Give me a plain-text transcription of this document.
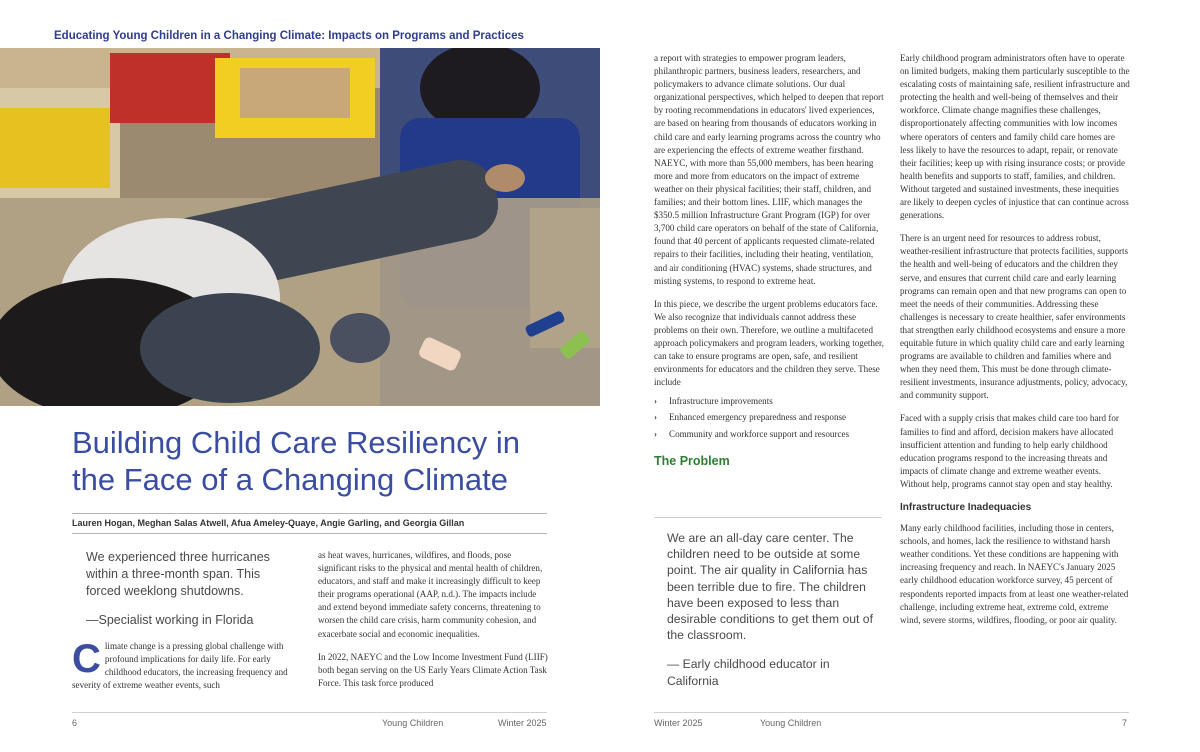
Educating Young Children in a Changing Climate: Impacts on Programs and Practices
Building Child Care Resiliency in the Face of a Changing Climate
Lauren Hogan, Meghan Salas Atwell, Afua Ameley-Quaye, Angie Garling, and Georgia Gillan

We experienced three hurricanes within a three-month span. This forced weeklong shutdowns.

—Specialist working in Florida

Climate change is a pressing global challenge with profound implications for daily life. For early childhood educators, the increasing frequency and severity of extreme weather events, such

as heat waves, hurricanes, wildfires, and floods, pose significant risks to the physical and mental health of children, educators, and staff and make it increasingly difficult to keep their programs operational (AAP, n.d.). The impacts include and extend beyond immediate safety concerns, threatening to worsen the child care crisis, harm community cohesion, and exacerbate social and economic inequalities.

In 2022, NAEYC and the Low Income Investment Fund (LIIF) both began serving on the US Early Years Climate Action Task Force. This task force produced

a report with strategies to empower program leaders, philanthropic partners, business leaders, researchers, and policymakers to advance climate solutions. Our dual organizational perspectives, which helped to deepen that report by rooting recommendations in educators' lived experiences, are based on hearing from thousands of educators working in child care and early learning programs across the country who are experiencing the effects of extreme weather firsthand. NAEYC, with more than 55,000 members, has been hearing more and more from educators on the impact of extreme weather on their physical facilities; their staff, children, and families; and their bottom lines. LIIF, which manages the $350.5 million Infrastructure Grant Program (IGP) for over 3,700 child care operators on behalf of the state of California, found that 40 percent of applicants requested climate-related repairs to their facilities, including their heating, ventilation, and air conditioning (HVAC) systems, shade structures, and misting systems, to respond to extreme heat.

In this piece, we describe the urgent problems educators face. We also recognize that individuals cannot address these problems on their own. Therefore, we outline a multifaceted approach policymakers and program leaders, working together, can take to ensure programs are open, safe, and resilient environments for educators and the children they serve. These include

› Infrastructure improvements
› Enhanced emergency preparedness and response
› Community and workforce support and resources
The Problem

We are an all-day care center. The children need to be outside at some point. The air quality in California has been terrible due to fire. The children have been exposed to less than desirable conditions to get them out of the classroom.

— Early childhood educator in California

Early childhood program administrators often have to operate on limited budgets, making them particularly susceptible to the escalating costs of maintaining safe, resilient infrastructure and protecting the health and well-being of themselves and their workforce. Climate change magnifies these challenges, disproportionately affecting communities with low incomes where operators of centers and family child care homes are less likely to have the resources to adapt, repair, or renovate their facilities; keep up with rising insurance costs; or provide health benefits and supports to staff, families, and children. Without targeted and sustained investments, these inequities are likely to deepen cycles of injustice that can continue across generations.

There is an urgent need for resources to address robust, weather-resilient infrastructure that protects facilities, supports the health and well-being of educators and the children they serve, and ensures that current child care and early learning programs can remain open and that new programs can open to meet the needs of their communities. Addressing these challenges is necessary to create healthier, safer environments that strengthen early childhood ecosystems and ensure a more equitable future in which quality child care and early learning programs are available to children and families where and when they need them. This must be done through climate-resilient investments, insurance adjustments, policy, advocacy, and community support.

Faced with a supply crisis that makes child care too hard for families to find and afford, decision makers have allocated insufficient attention and funding to help early childhood education programs respond to the increasing threats and impacts of climate change and extreme weather events. Without help, programs cannot stay open and stay healthy.

Infrastructure Inadequacies

Many early childhood facilities, including those in centers, schools, and homes, lack the resilience to withstand harsh weather conditions. Yet these conditions are happening with increasing frequency and reach. In NAEYC's January 2025 early childhood education workforce survey, 45 percent of respondents reported impacts from at least one weather-related challenge, including extreme heat, extreme cold, extreme wind, severe storms, wildfires, flooding, or poor air quality.

6	Young Children	Winter 2025	Winter 2025	Young Children	7
